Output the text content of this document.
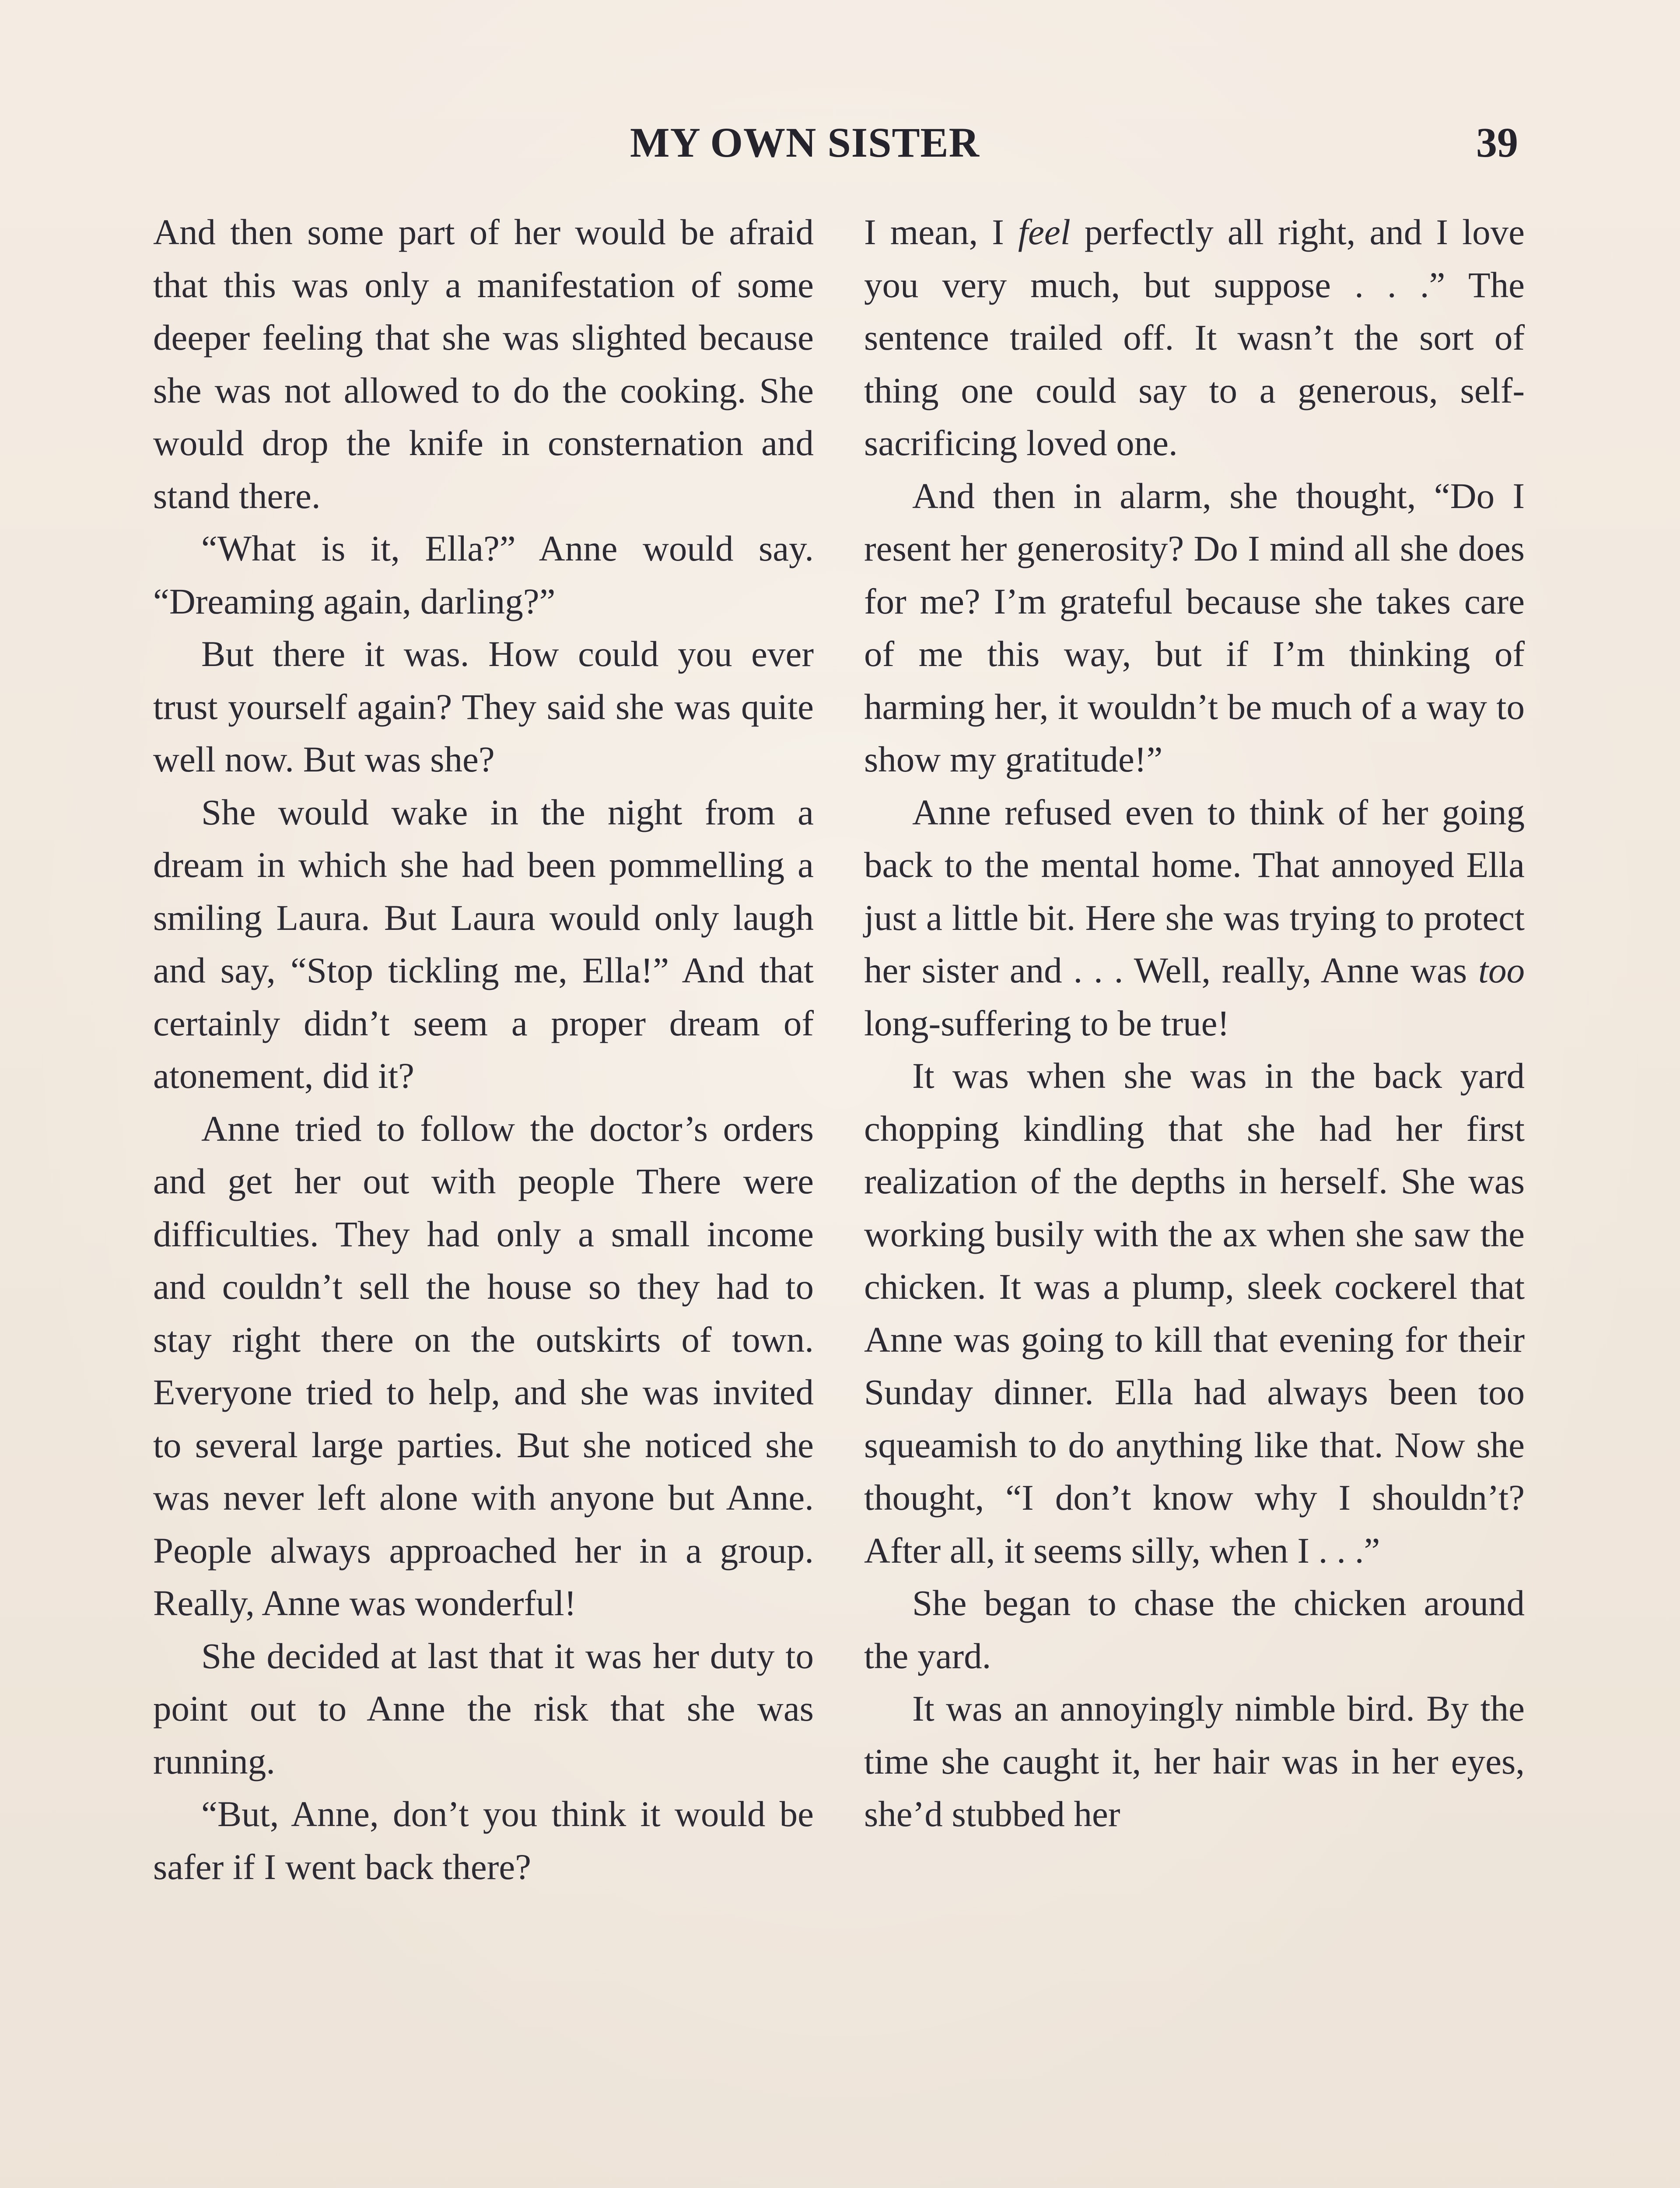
MY OWN SISTER	39

And then some part of her would be afraid that this was only a manifestation of some deeper feeling that she was slighted because she was not allowed to do the cooking. She would drop the knife in consternation and stand there.

“What is it, Ella?” Anne would say. “Dreaming again, darling?”

But there it was. How could you ever trust yourself again? They said she was quite well now. But was she?

She would wake in the night from a dream in which she had been pommelling a smiling Laura. But Laura would only laugh and say, “Stop tickling me, Ella!” And that certainly didn’t seem a proper dream of atonement, did it?

Anne tried to follow the doctor’s orders and get her out with people There were difficulties. They had only a small income and couldn’t sell the house so they had to stay right there on the outskirts of town. Everyone tried to help, and she was invited to several large parties. But she noticed she was never left alone with anyone but Anne. People always approached her in a group. Really, Anne was wonderful!

She decided at last that it was her duty to point out to Anne the risk that she was running.

“But, Anne, don’t you think it would be safer if I went back there?

I mean, I feel perfectly all right, and I love you very much, but suppose . . .” The sentence trailed off. It wasn’t the sort of thing one could say to a generous, self-sacrificing loved one.

And then in alarm, she thought, “Do I resent her generosity? Do I mind all she does for me? I’m grateful because she takes care of me this way, but if I’m thinking of harming her, it wouldn’t be much of a way to show my gratitude!”

Anne refused even to think of her going back to the mental home. That annoyed Ella just a little bit. Here she was trying to protect her sister and . . . Well, really, Anne was too long-suffering to be true!

It was when she was in the back yard chopping kindling that she had her first realization of the depths in herself. She was working busily with the ax when she saw the chicken. It was a plump, sleek cockerel that Anne was going to kill that evening for their Sunday dinner. Ella had always been too squeamish to do anything like that. Now she thought, “I don’t know why I shouldn’t? After all, it seems silly, when I . . .”

She began to chase the chicken around the yard.

It was an annoyingly nimble bird. By the time she caught it, her hair was in her eyes, she’d stubbed her
